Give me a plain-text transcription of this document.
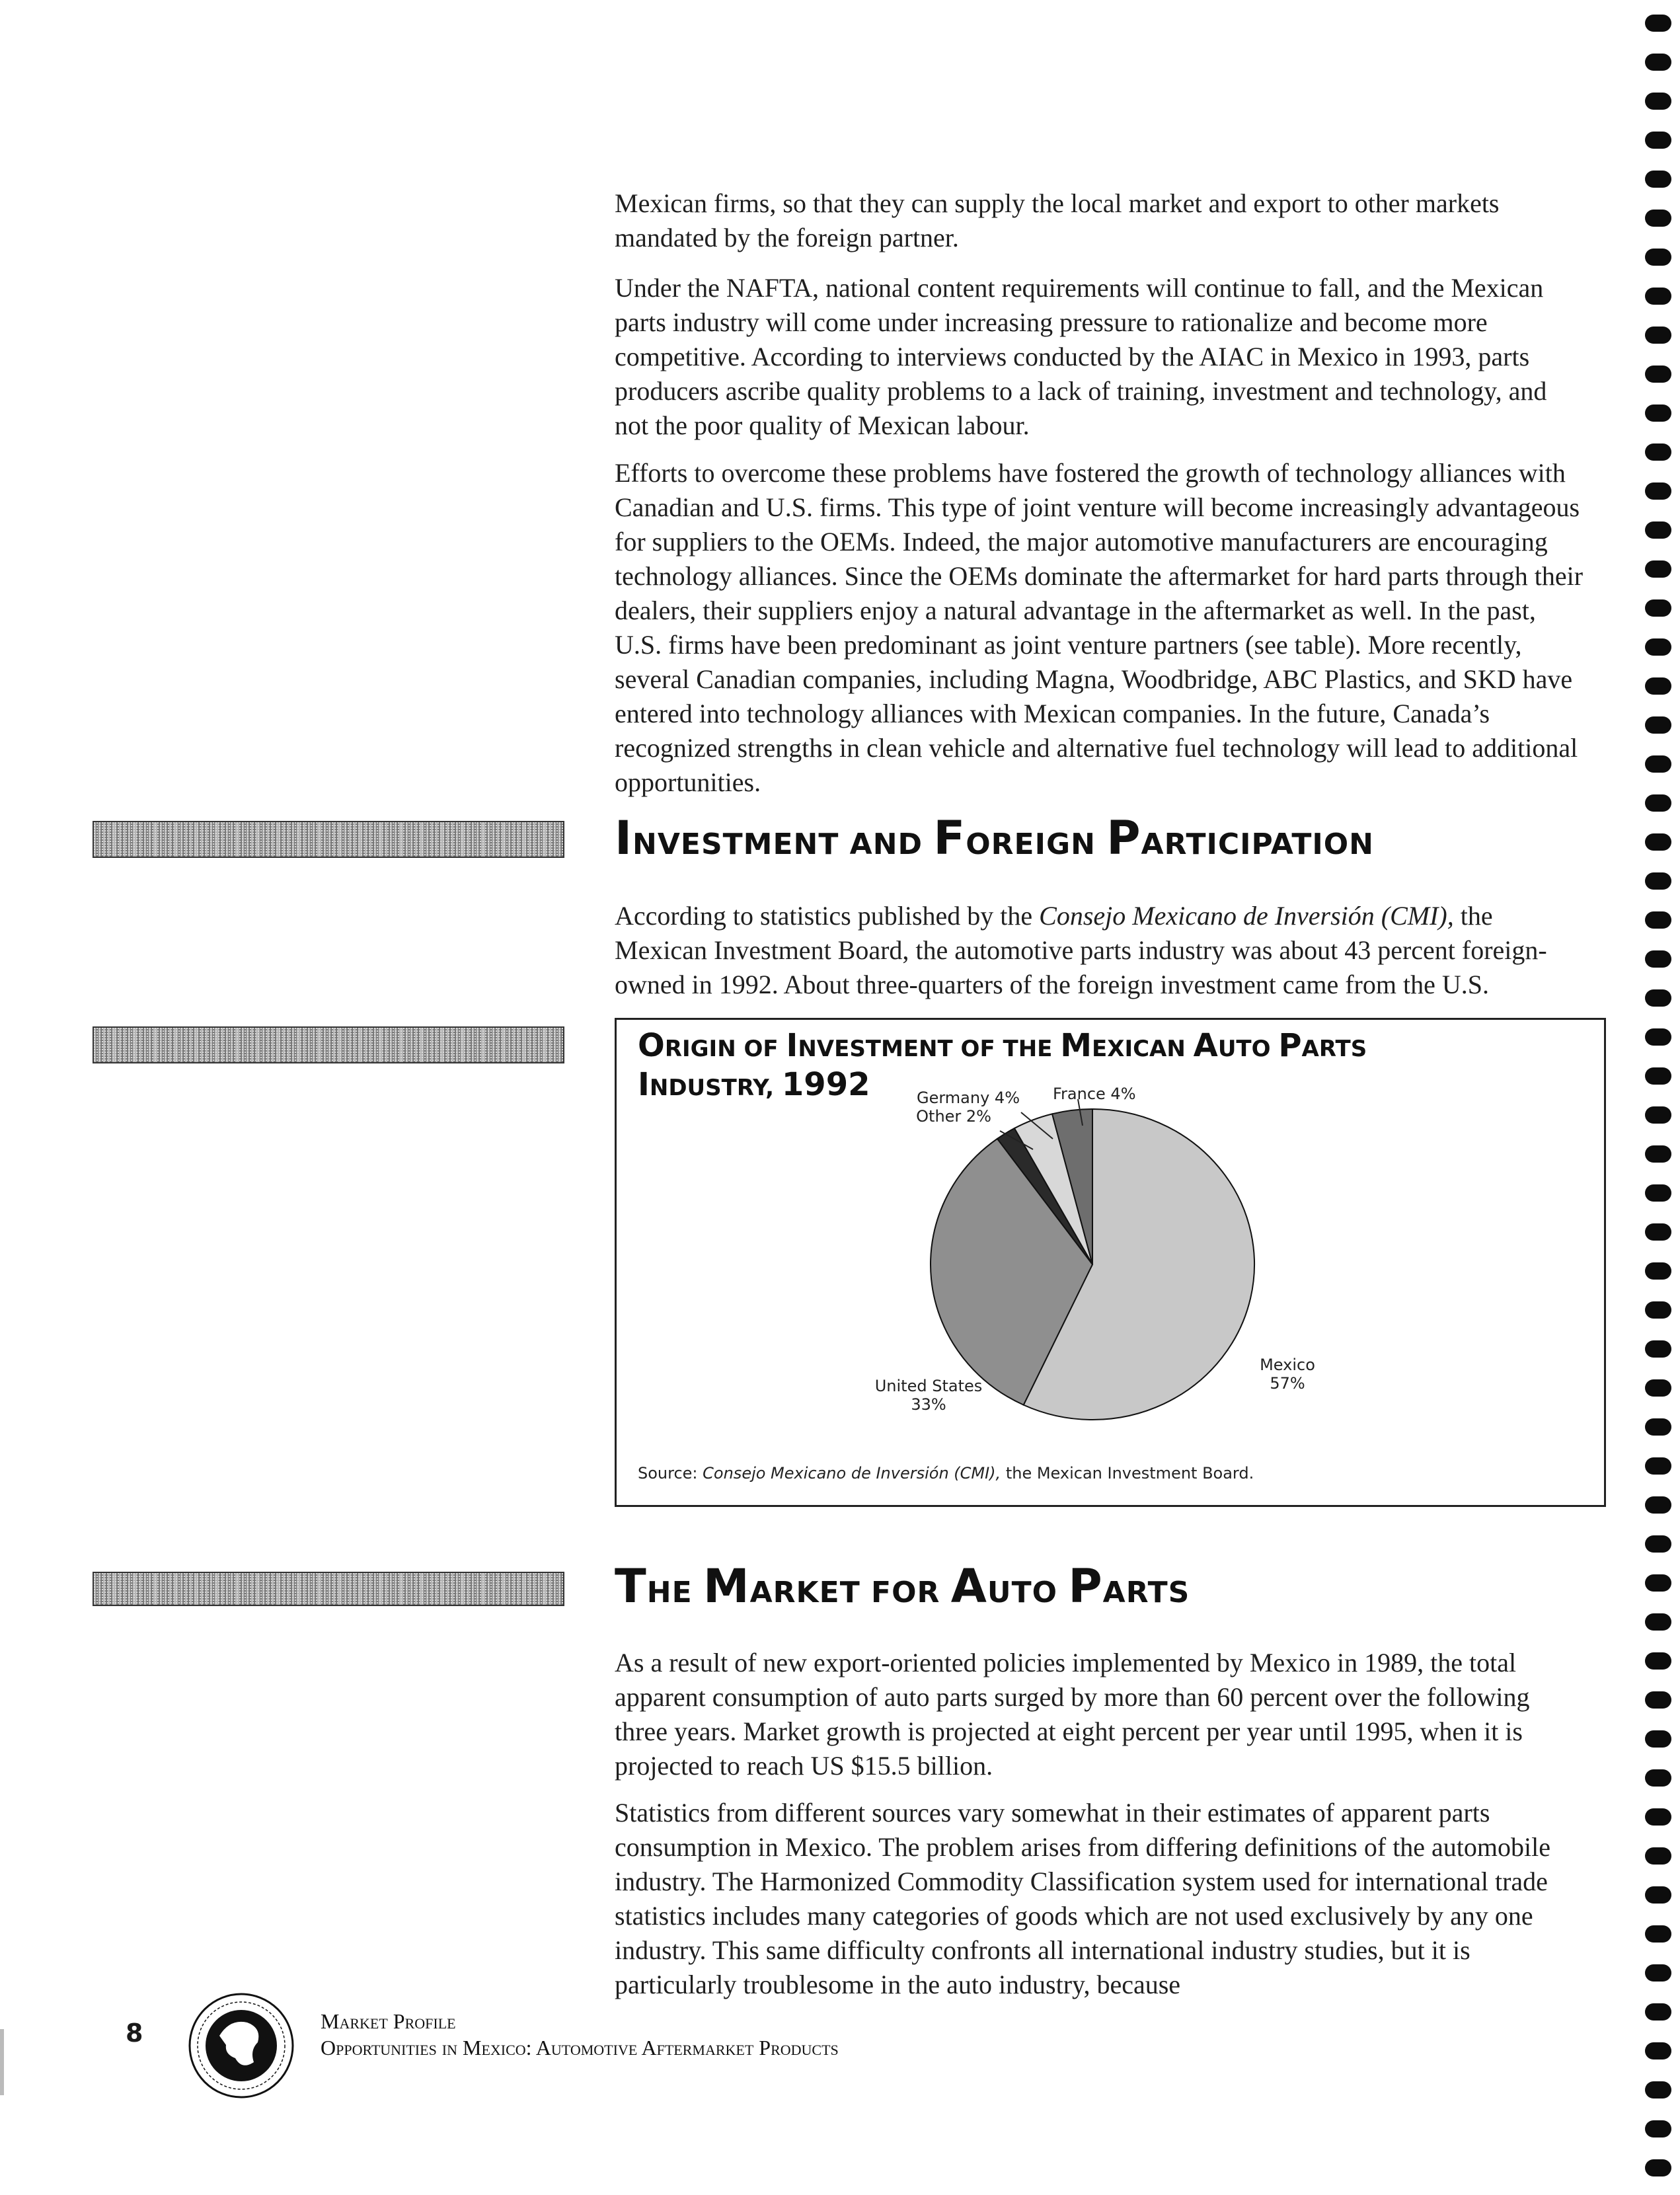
Mexican firms, so that they can supply the local market and export to other markets mandated by the foreign partner.

Under the NAFTA, national content requirements will continue to fall, and the Mexican parts industry will come under increasing pressure to rationalize and become more competitive. According to interviews conducted by the AIAC in Mexico in 1993, parts producers ascribe quality problems to a lack of training, investment and technology, and not the poor quality of Mexican labour.

Efforts to overcome these problems have fostered the growth of technology alliances with Canadian and U.S. firms. This type of joint venture will become increasingly advantageous for suppliers to the OEMs. Indeed, the major automotive manufacturers are encouraging technology alliances. Since the OEMs dominate the aftermarket for hard parts through their dealers, their suppliers enjoy a natural advantage in the aftermarket as well. In the past, U.S. firms have been predominant as joint venture partners (see table). More recently, several Canadian companies, including Magna, Woodbridge, ABC Plastics, and SKD have entered into technology alliances with Mexican companies. In the future, Canada’s recognized strengths in clean vehicle and alternative fuel technology will lead to additional opportunities.

INVESTMENT AND FOREIGN PARTICIPATION

According to statistics published by the Consejo Mexicano de Inversión (CMI), the Mexican Investment Board, the automotive parts industry was about 43 percent foreign-owned in 1992. About three-quarters of the foreign investment came from the U.S.

ORIGIN OF INVESTMENT OF THE MEXICAN AUTO PARTS
INDUSTRY, 1992	Germany 4%
Other 2%
France 4%
United States
33%
Mexico
57%

Source: Consejo Mexicano de Inversión (CMI), the Mexican Investment Board.

THE MARKET FOR AUTO PARTS

As a result of new export-oriented policies implemented by Mexico in 1989, the total apparent consumption of auto parts surged by more than 60 percent over the following three years. Market growth is projected at eight percent per year until 1995, when it is projected to reach US $15.5 billion.

Statistics from different sources vary somewhat in their estimates of apparent parts consumption in Mexico. The problem arises from differing definitions of the automobile industry. The Harmonized Commodity Classification system used for international trade statistics includes many categories of goods which are not used exclusively by any one industry. This same difficulty confronts all international industry studies, but it is particularly troublesome in the auto industry, because

8	Market Profile
Opportunities in Mexico: Automotive Aftermarket Products
